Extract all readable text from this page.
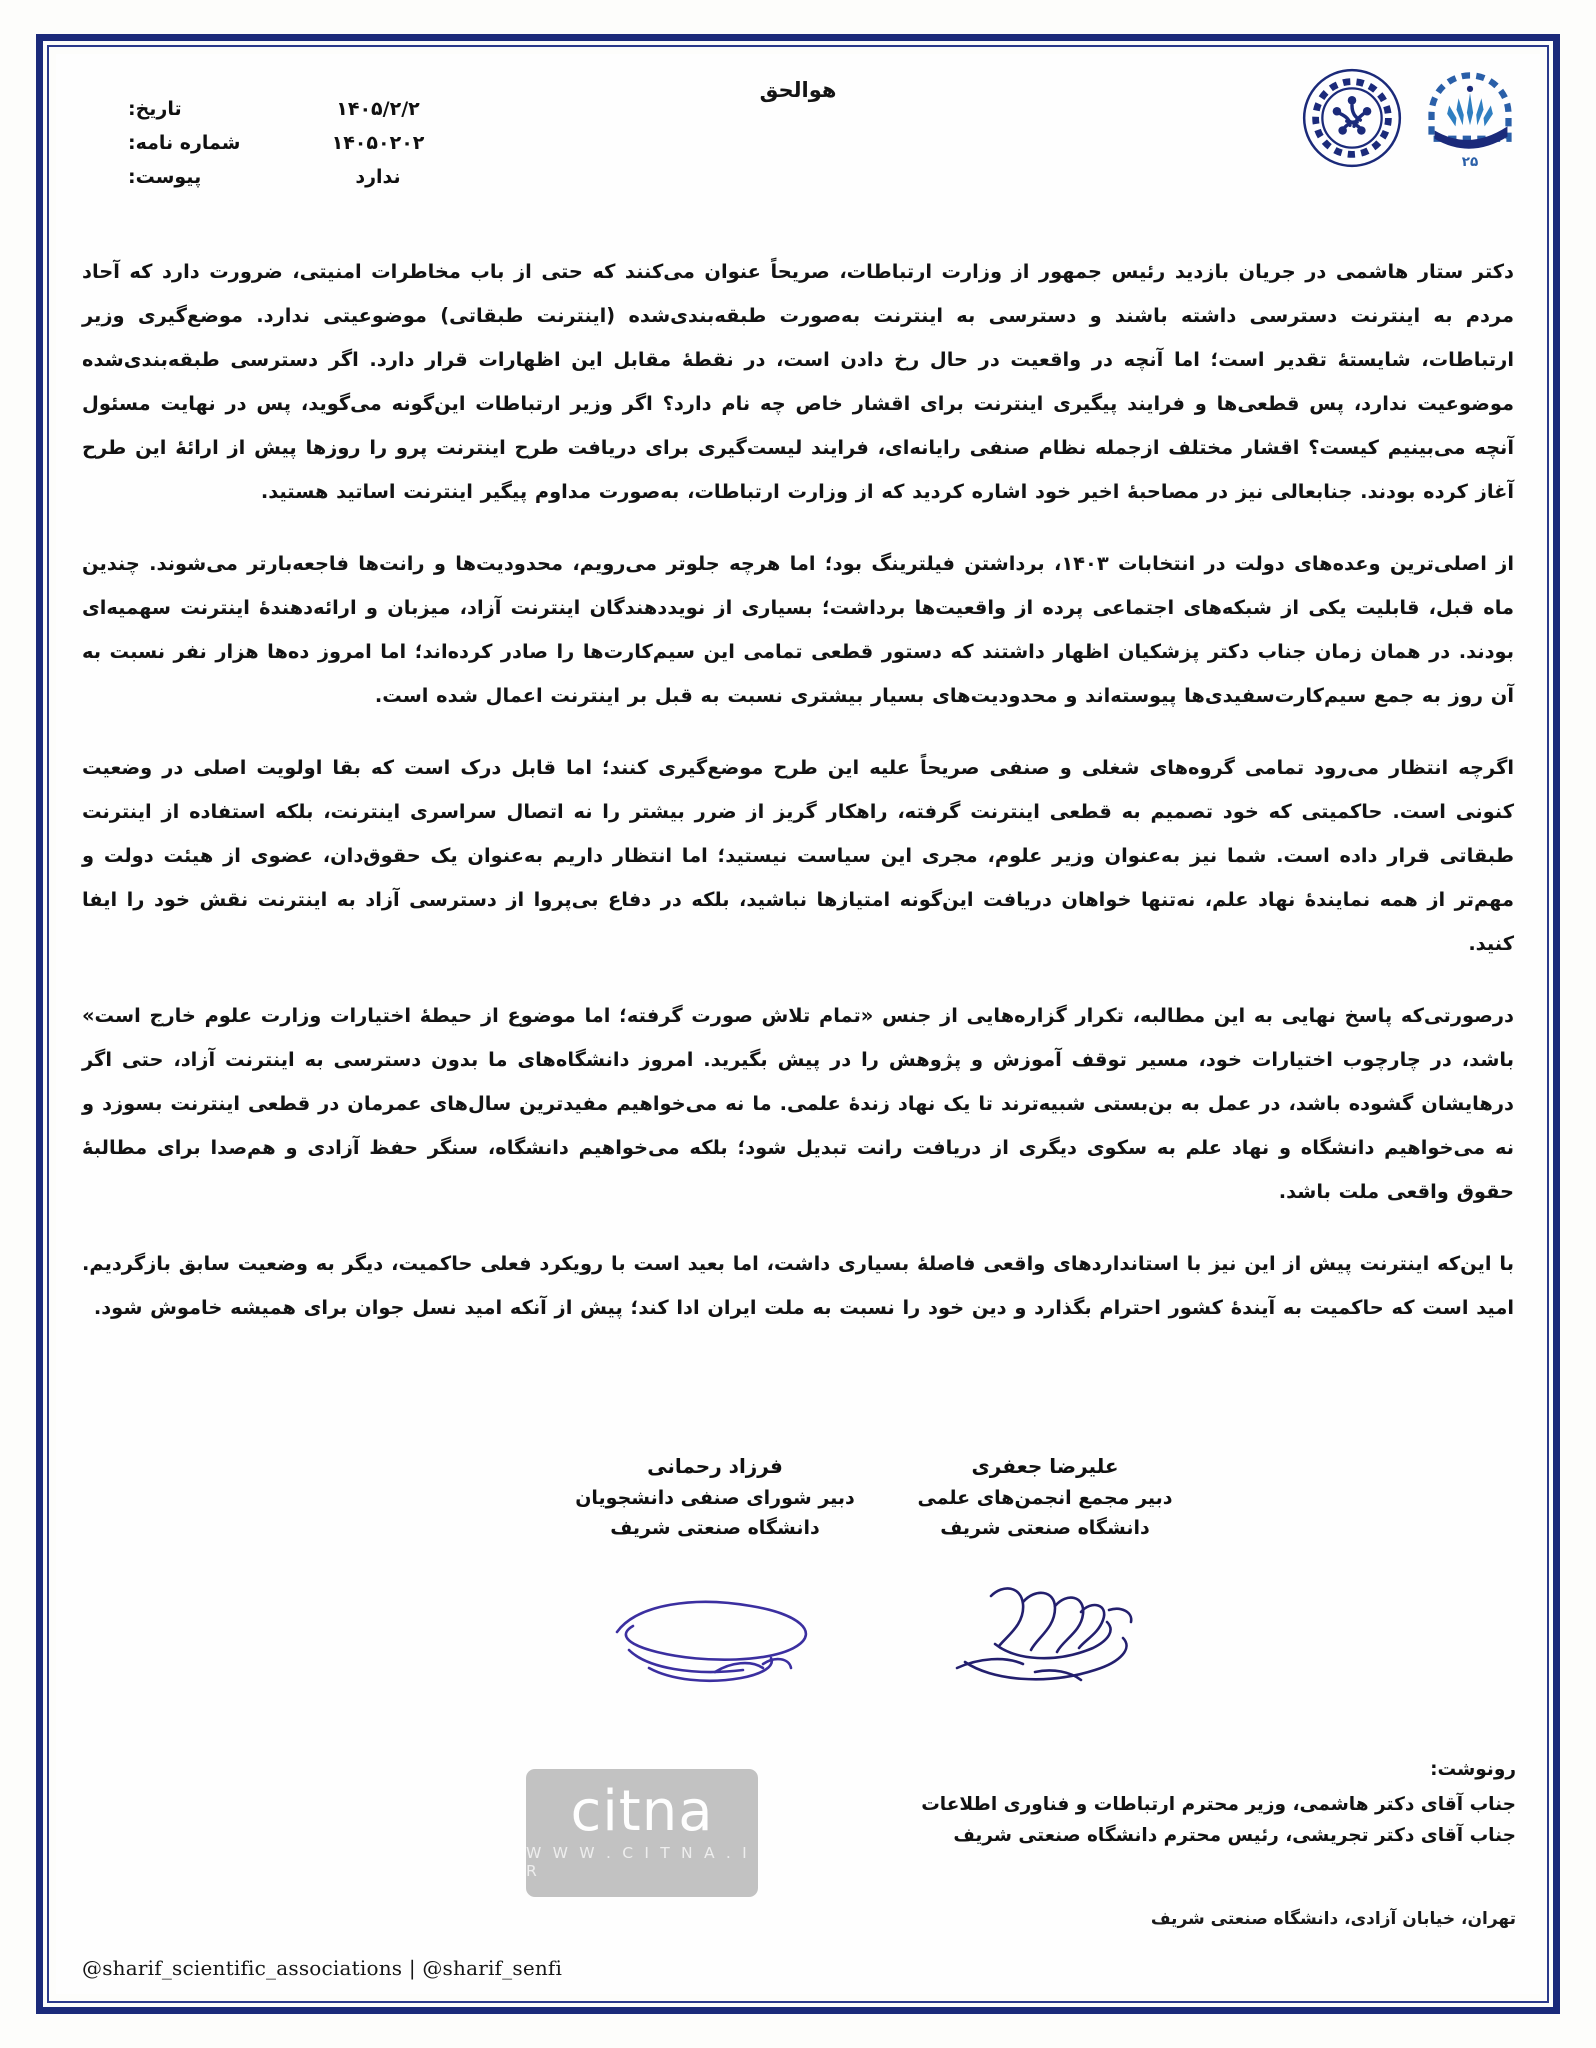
هوالحق
۱۴۰۵/۲/۲
تاریخ:
۱۴۰۵۰۲۰۲
شماره نامه:
ندارد
پیوست:
۲۵

دکتر ستار هاشمی در جریان بازدید رئیس جمهور از وزارت ارتباطات، صریحاً عنوان می‌کنند که حتی از باب مخاطرات امنیتی، ضرورت دارد که آحاد مردم به اینترنت دسترسی داشته باشند و دسترسی به اینترنت به‌صورت طبقه‌بندی‌شده (اینترنت طبقاتی) موضوعیتی ندارد. موضع‌گیری وزیر ارتباطات، شایستهٔ تقدیر است؛ اما آنچه در واقعیت در حال رخ دادن است، در نقطهٔ مقابل این اظهارات قرار دارد. اگر دسترسی طبقه‌بندی‌شده موضوعیت ندارد، پس قطعی‌ها و فرایند پیگیری اینترنت برای اقشار خاص چه نام دارد؟ اگر وزیر ارتباطات این‌گونه می‌گوید، پس در نهایت مسئول آنچه می‌بینیم کیست؟ اقشار مختلف ازجمله نظام صنفی رایانه‌ای، فرایند لیست‌گیری برای دریافت طرح اینترنت پرو را روزها پیش از ارائهٔ این طرح آغاز کرده بودند. جنابعالی نیز در مصاحبهٔ اخیر خود اشاره کردید که از وزارت ارتباطات، به‌صورت مداوم پیگیر اینترنت اساتید هستید.

از اصلی‌ترین وعده‌های دولت در انتخابات ۱۴۰۳، برداشتن فیلترینگ بود؛ اما هرچه جلوتر می‌رویم، محدودیت‌ها و رانت‌ها فاجعه‌بارتر می‌شوند. چندین ماه قبل، قابلیت یکی از شبکه‌های اجتماعی پرده از واقعیت‌ها برداشت؛ بسیاری از نویددهندگان اینترنت آزاد، میزبان و ارائه‌دهندهٔ اینترنت سهمیه‌ای بودند. در همان زمان جناب دکتر پزشکیان اظهار داشتند که دستور قطعی تمامی این سیم‌کارت‌ها را صادر کرده‌اند؛ اما امروز ده‌ها هزار نفر نسبت به آن روز به جمع سیم‌کارت‌سفیدی‌ها پیوسته‌اند و محدودیت‌های بسیار بیشتری نسبت به قبل بر اینترنت اعمال شده است.

اگرچه انتظار می‌رود تمامی گروه‌های شغلی و صنفی صریحاً علیه این طرح موضع‌گیری کنند؛ اما قابل درک است که بقا اولویت اصلی در وضعیت کنونی است. حاکمیتی که خود تصمیم به قطعی اینترنت گرفته، راهکار گریز از ضرر بیشتر را نه اتصال سراسری اینترنت، بلکه استفاده از اینترنت طبقاتی قرار داده است. شما نیز به‌عنوان وزیر علوم، مجری این سیاست نیستید؛ اما انتظار داریم به‌عنوان یک حقوق‌دان، عضوی از هیئت دولت و مهم‌تر از همه نمایندهٔ نهاد علم، نه‌تنها خواهان دریافت این‌گونه امتیازها نباشید، بلکه در دفاع بی‌پروا از دسترسی آزاد به اینترنت نقش خود را ایفا کنید.

درصورتی‌که پاسخ نهایی به این مطالبه، تکرار گزاره‌هایی از جنس «تمام تلاش صورت گرفته؛ اما موضوع از حیطهٔ اختیارات وزارت علوم خارج است» باشد، در چارچوب اختیارات خود، مسیر توقف آموزش و پژوهش را در پیش بگیرید. امروز دانشگاه‌های ما بدون دسترسی به اینترنت آزاد، حتی اگر درهایشان گشوده باشد، در عمل به بن‌بستی شبیه‌ترند تا یک نهاد زندهٔ علمی. ما نه می‌خواهیم مفیدترین سال‌های عمرمان در قطعی اینترنت بسوزد و نه می‌خواهیم دانشگاه و نهاد علم به سکوی دیگری از دریافت رانت تبدیل شود؛ بلکه می‌خواهیم دانشگاه، سنگر حفظ آزادی و هم‌صدا برای مطالبهٔ حقوق واقعی ملت باشد.

با این‌که اینترنت پیش از این نیز با استانداردهای واقعی فاصلهٔ بسیاری داشت، اما بعید است با رویکرد فعلی حاکمیت، دیگر به وضعیت سابق بازگردیم. امید است که حاکمیت به آیندهٔ کشور احترام بگذارد و دین خود را نسبت به ملت ایران ادا کند؛ پیش از آنکه امید نسل جوان برای همیشه خاموش شود.

علیرضا جعفری
دبیر مجمع انجمن‌های علمی
دانشگاه صنعتی شریف
فرزاد رحمانی
دبیر شورای صنفی دانشجویان
دانشگاه صنعتی شریف
رونوشت:
جناب آقای دکتر هاشمی، وزیر محترم ارتباطات و فناوری اطلاعات
جناب آقای دکتر تجریشی، رئیس محترم دانشگاه صنعتی شریف
تهران، خیابان آزادی، دانشگاه صنعتی شریف
@sharif_scientific_associations | @sharif_senfi
citna
W W W . C I T N A . I R
